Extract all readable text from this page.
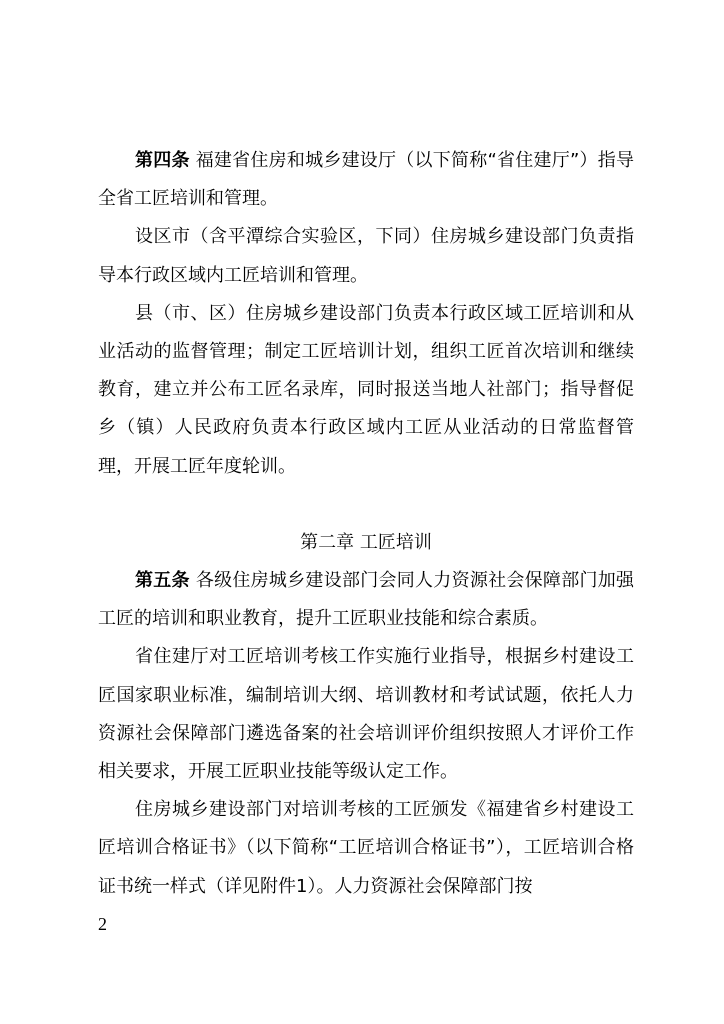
第四条 福建省住房和城乡建设厅（以下简称“省住建厅”）指导全省工匠培训和管理。

设区市（含平潭综合实验区，下同）住房城乡建设部门负责指导本行政区域内工匠培训和管理。

县（市、区）住房城乡建设部门负责本行政区域工匠培训和从业活动的监督管理；制定工匠培训计划，组织工匠首次培训和继续教育，建立并公布工匠名录库，同时报送当地人社部门；指导督促乡（镇）人民政府负责本行政区域内工匠从业活动的日常监督管理，开展工匠年度轮训。

第二章 工匠培训

第五条 各级住房城乡建设部门会同人力资源社会保障部门加强工匠的培训和职业教育，提升工匠职业技能和综合素质。

省住建厅对工匠培训考核工作实施行业指导，根据乡村建设工匠国家职业标准，编制培训大纲、培训教材和考试试题，依托人力资源社会保障部门遴选备案的社会培训评价组织按照人才评价工作相关要求，开展工匠职业技能等级认定工作。

住房城乡建设部门对培训考核的工匠颁发《福建省乡村建设工匠培训合格证书》（以下简称“工匠培训合格证书”），工匠培训合格证书统一样式（详见附件1）。人力资源社会保障部门按

2
